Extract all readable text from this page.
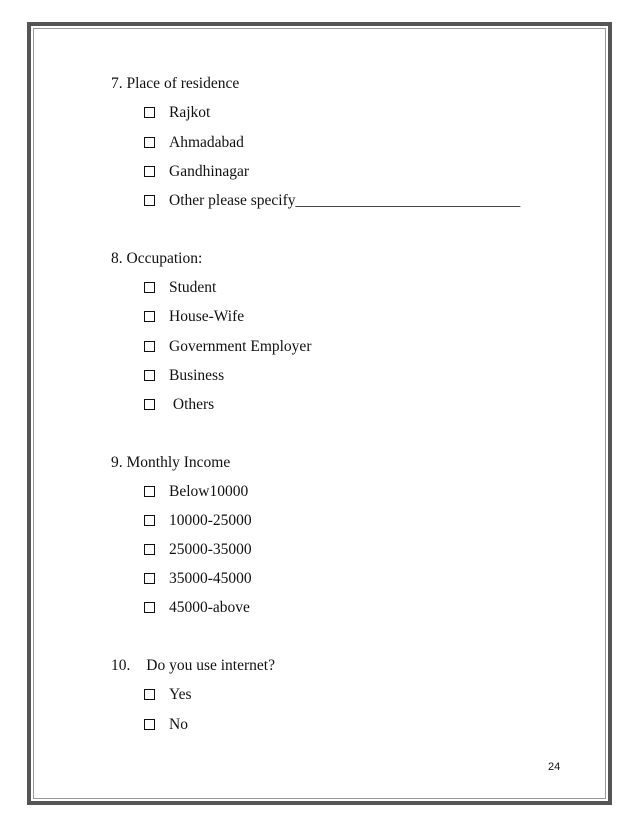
7. Place of residence
Rajkot
Ahmadabad
Gandhinagar
Other please specify_____________________________
8. Occupation:
Student
House-Wife
Government Employer
Business
Others
9. Monthly Income
Below10000
10000-25000
25000-35000
35000-45000
45000-above
10. Do you use internet?
Yes
No
24
